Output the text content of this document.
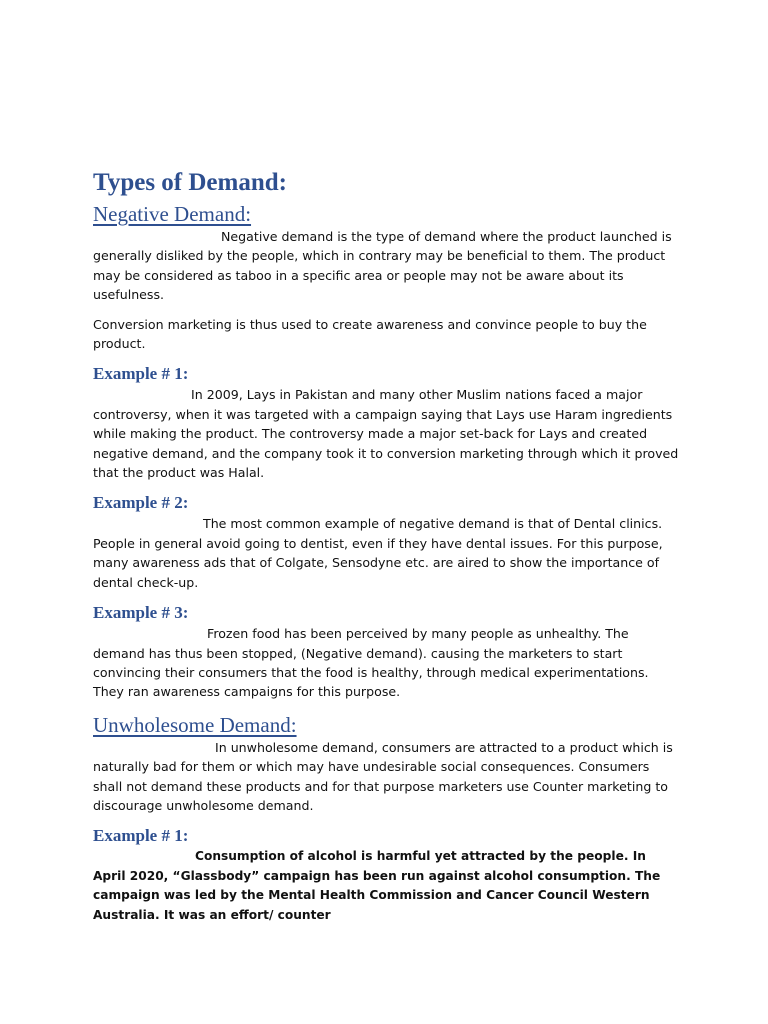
Types of Demand:
Negative Demand:

Negative demand is the type of demand where the product launched is generally disliked by the people, which in contrary may be beneficial to them. The product may be considered as taboo in a specific area or people may not be aware about its usefulness.

Conversion marketing is thus used to create awareness and convince people to buy the product.

Example # 1:

In 2009, Lays in Pakistan and many other Muslim nations faced a major controversy, when it was targeted with a campaign saying that Lays use Haram ingredients while making the product. The controversy made a major set-back for Lays and created negative demand, and the company took it to conversion marketing through which it proved that the product was Halal.

Example # 2:

The most common example of negative demand is that of Dental clinics. People in general avoid going to dentist, even if they have dental issues. For this purpose, many awareness ads that of Colgate, Sensodyne etc. are aired to show the importance of dental check-up.

Example # 3:

Frozen food has been perceived by many people as unhealthy. The demand has thus been stopped, (Negative demand). causing the marketers to start convincing their consumers that the food is healthy, through medical experimentations. They ran awareness campaigns for this purpose.

Unwholesome Demand:

In unwholesome demand, consumers are attracted to a product which is naturally bad for them or which may have undesirable social consequences. Consumers shall not demand these products and for that purpose marketers use Counter marketing to discourage unwholesome demand.

Example # 1:

Consumption of alcohol is harmful yet attracted by the people. In April 2020, “Glassbody” campaign has been run against alcohol consumption. The campaign was led by the Mental Health Commission and Cancer Council Western Australia. It was an effort/ counter
